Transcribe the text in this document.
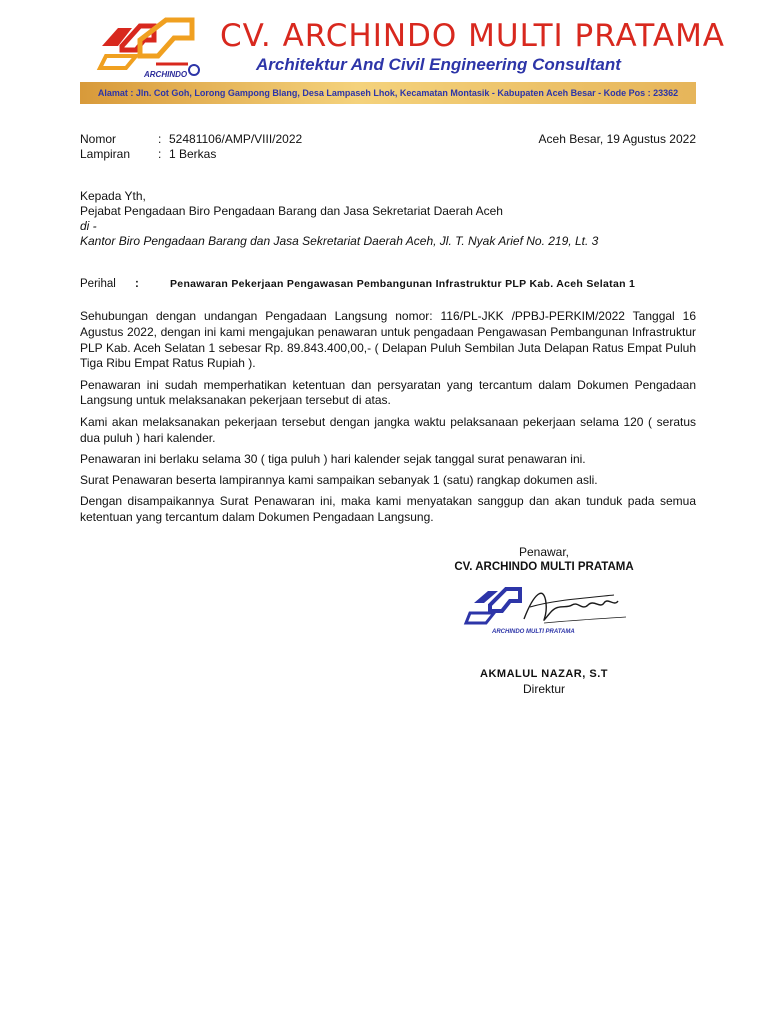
ARCHINDO
CV. ARCHINDO MULTI PRATAMA
Architektur And Civil Engineering Consultant
Alamat : Jln. Cot Goh, Lorong Gampong Blang, Desa Lampaseh Lhok, Kecamatan Montasik - Kabupaten Aceh Besar - Kode Pos : 23362
Nomor	: 52481106/AMP/VIII/2022
Lampiran	: 1 Berkas
Aceh Besar, 19 Agustus 2022
Kepada Yth,
Pejabat Pengadaan Biro Pengadaan Barang dan Jasa Sekretariat Daerah Aceh
di -
Kantor Biro Pengadaan Barang dan Jasa Sekretariat Daerah Aceh, Jl. T. Nyak Arief No. 219, Lt. 3
Perihal	:	Penawaran Pekerjaan Pengawasan Pembangunan Infrastruktur PLP Kab. Aceh Selatan 1

Sehubungan dengan undangan Pengadaan Langsung nomor: 116/PL-JKK /PPBJ-PERKIM/2022 Tanggal 16 Agustus 2022, dengan ini kami mengajukan penawaran untuk pengadaan Pengawasan Pembangunan Infrastruktur PLP Kab. Aceh Selatan 1 sebesar Rp. 89.843.400,00,- ( Delapan Puluh Sembilan Juta Delapan Ratus Empat Puluh Tiga Ribu Empat Ratus Rupiah ).

Penawaran ini sudah memperhatikan ketentuan dan persyaratan yang tercantum dalam Dokumen Pengadaan Langsung untuk melaksanakan pekerjaan tersebut di atas.

Kami akan melaksanakan pekerjaan tersebut dengan jangka waktu pelaksanaan pekerjaan selama 120 ( seratus dua puluh ) hari kalender.

Penawaran ini berlaku selama 30 ( tiga puluh ) hari kalender sejak tanggal surat penawaran ini.

Surat Penawaran beserta lampirannya kami sampaikan sebanyak 1 (satu) rangkap dokumen asli.

Dengan disampaikannya Surat Penawaran ini, maka kami menyatakan sanggup dan akan tunduk pada semua ketentuan yang tercantum dalam Dokumen Pengadaan Langsung.

Penawar,
CV. ARCHINDO MULTI PRATAMA
ARCHINDO MULTI PRATAMA
AKMALUL NAZAR, S.T
Direktur
